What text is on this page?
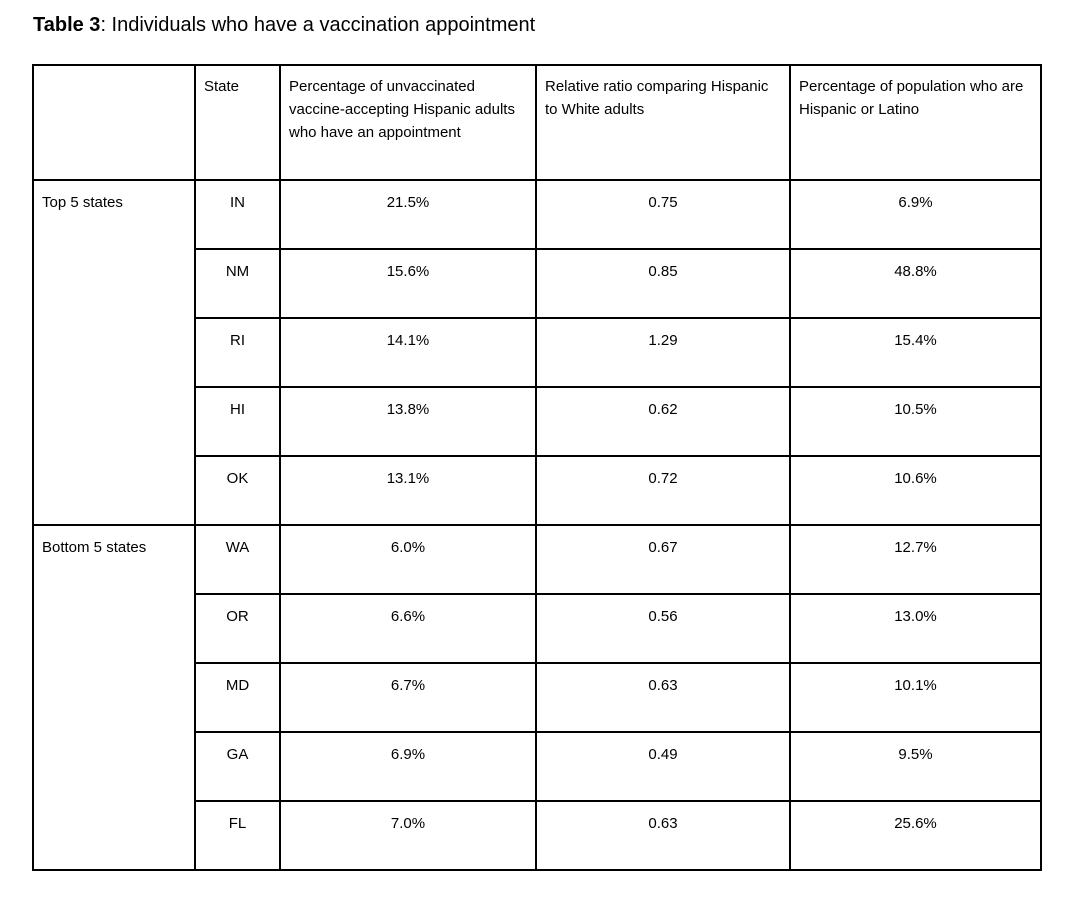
Table 3: Individuals who have a vaccination appointment
	State	Percentage of unvaccinated vaccine-accepting Hispanic adults who have an appointment	Relative ratio comparing Hispanic to White adults	Percentage of population who are Hispanic or Latino
Top 5 states	IN	21.5%	0.75	6.9%
	NM	15.6%	0.85	48.8%
	RI	14.1%	1.29	15.4%
	HI	13.8%	0.62	10.5%
	OK	13.1%	0.72	10.6%
Bottom 5 states	WA	6.0%	0.67	12.7%
	OR	6.6%	0.56	13.0%
	MD	6.7%	0.63	10.1%
	GA	6.9%	0.49	9.5%
	FL	7.0%	0.63	25.6%
